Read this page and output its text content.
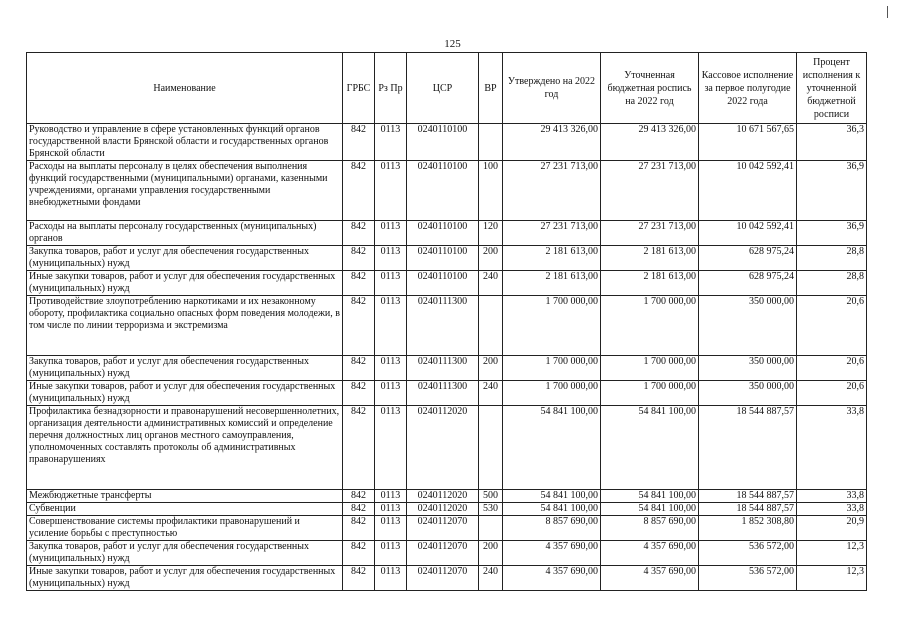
125
Наименование	ГРБС	Рз Пр	ЦСР	ВР	Утверждено на 2022 год	Уточненная бюджетная роспись на 2022 год	Кассовое исполнение за первое полугодие 2022 года	Процент исполнения к уточненной бюджетной росписи
Руководство и управление в сфере установленных функций органов государственной власти Брянской области и государственных органов Брянской области	842	0113	0240110100		29 413 326,00	29 413 326,00	10 671 567,65	36,3
Расходы на выплаты персоналу в целях обеспечения выполнения функций государственными (муниципальными) органами, казенными учреждениями, органами управления государственными внебюджетными фондами	842	0113	0240110100	100	27 231 713,00	27 231 713,00	10 042 592,41	36,9
Расходы на выплаты персоналу государственных (муниципальных) органов	842	0113	0240110100	120	27 231 713,00	27 231 713,00	10 042 592,41	36,9
Закупка товаров, работ и услуг для обеспечения государственных (муниципальных) нужд	842	0113	0240110100	200	2 181 613,00	2 181 613,00	628 975,24	28,8
Иные закупки товаров, работ и услуг для обеспечения государственных (муниципальных) нужд	842	0113	0240110100	240	2 181 613,00	2 181 613,00	628 975,24	28,8
Противодействие злоупотреблению наркотиками и их незаконному обороту, профилактика социально опасных форм поведения молодежи, в том числе по линии терроризма и экстремизма	842	0113	0240111300		1 700 000,00	1 700 000,00	350 000,00	20,6
Закупка товаров, работ и услуг для обеспечения государственных (муниципальных) нужд	842	0113	0240111300	200	1 700 000,00	1 700 000,00	350 000,00	20,6
Иные закупки товаров, работ и услуг для обеспечения государственных (муниципальных) нужд	842	0113	0240111300	240	1 700 000,00	1 700 000,00	350 000,00	20,6
Профилактика безнадзорности и правонарушений несовершеннолетних, организация деятельности административных комиссий и определение перечня должностных лиц органов местного самоуправления, уполномоченных составлять протоколы об административных правонарушениях	842	0113	0240112020		54 841 100,00	54 841 100,00	18 544 887,57	33,8
Межбюджетные трансферты	842	0113	0240112020	500	54 841 100,00	54 841 100,00	18 544 887,57	33,8
Субвенции	842	0113	0240112020	530	54 841 100,00	54 841 100,00	18 544 887,57	33,8
Совершенствование системы профилактики правонарушений и усиление борьбы с преступностью	842	0113	0240112070		8 857 690,00	8 857 690,00	1 852 308,80	20,9
Закупка товаров, работ и услуг для обеспечения государственных (муниципальных) нужд	842	0113	0240112070	200	4 357 690,00	4 357 690,00	536 572,00	12,3
Иные закупки товаров, работ и услуг для обеспечения государственных (муниципальных) нужд	842	0113	0240112070	240	4 357 690,00	4 357 690,00	536 572,00	12,3
